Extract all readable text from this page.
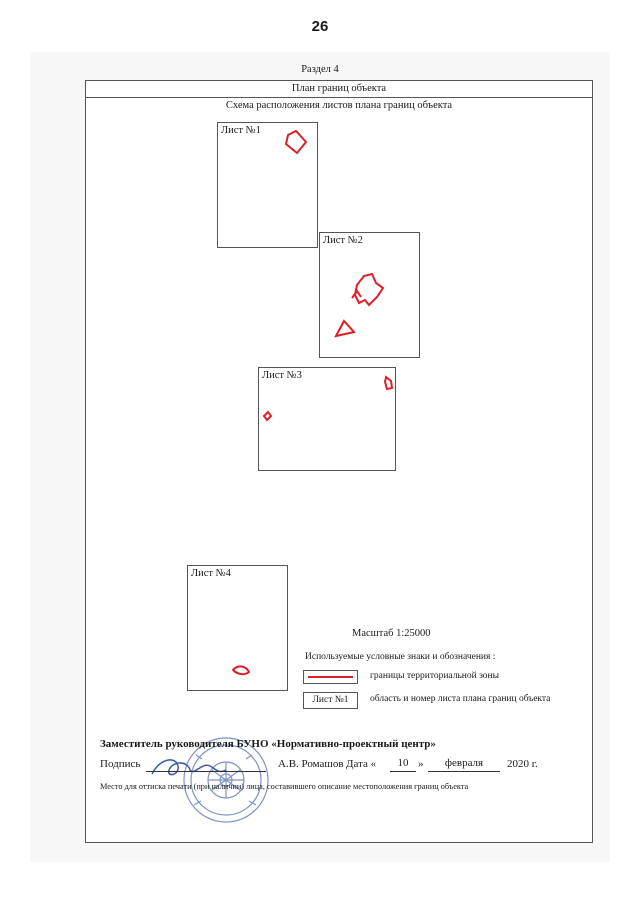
26
Раздел 4
План границ объекта
Схема расположения листов плана границ объекта
Лист №1
Лист №2
Лист №3
Лист №4
Масштаб 1:25000
Используемые условные знаки и обозначения :
границы территориальной зоны
Лист №1	область и номер листа плана границ объекта
Заместитель руководителя БУНО «Нормативно-проектный центр»
Подпись	А.В. Ромашов Дата «	10 »	февраля	2020 г.
Место для оттиска печати (при наличии) лица, составившего описание местоположения границ объекта
